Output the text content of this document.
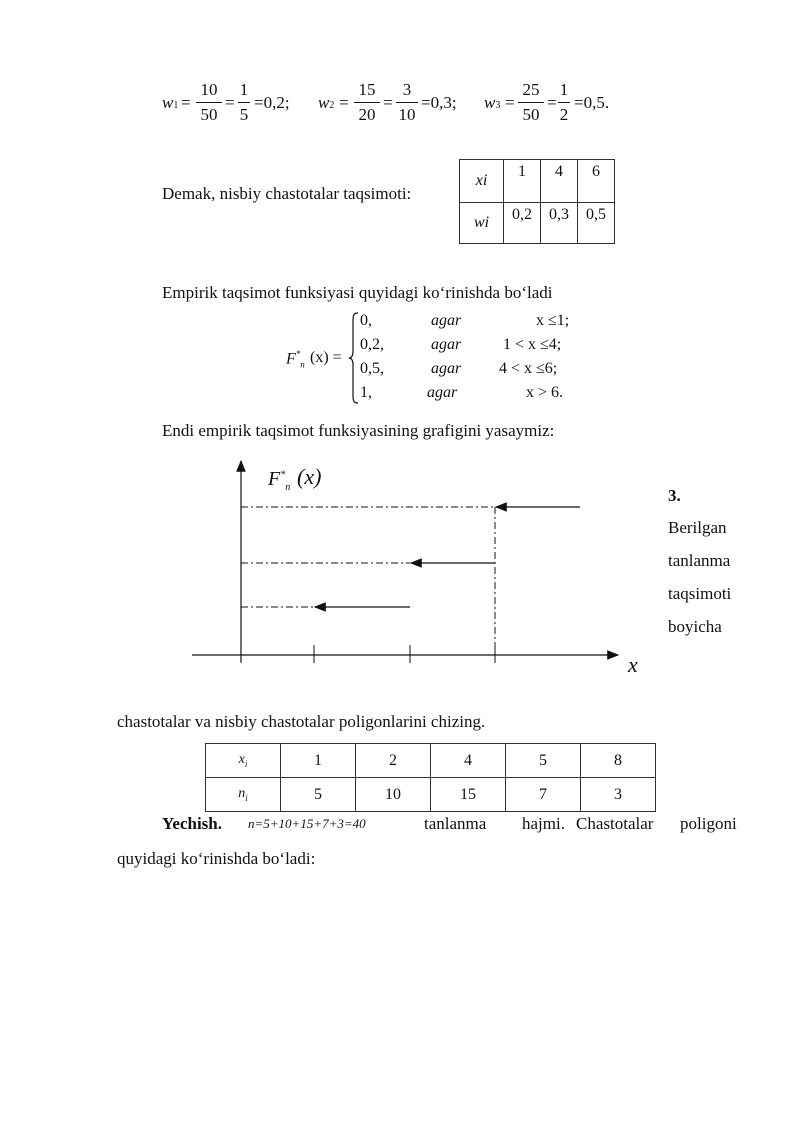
w1 =
10
50
=
1
5
=0,2; w2 =
15
20
=
3
10
=0,3; w3 =
25
50
=
1
2
=0,5.
Demak, nisbiy chastotalar taqsimoti:
xi	1	4	6
wi	0,2	0,3	0,5
Empirik taqsimot funksiyasi quyidagi ko‘rinishda bo‘ladi
$F^*_n$ (x) =
0,	agar	x ≤1;
0,2,	agar	1 < x ≤4;
0,5,	agar 4 < x ≤6;
1,	agar	x > 6.
Endi empirik taqsimot funksiyasining grafigini yasaymiz:
$F^*_n$ (x)
x
3.
Berilgan
tanlanma
taqsimoti
boyicha
chastotalar va nisbiy chastotalar poligonlarini chizing.
$x_i$	1	2	4	5	8
$n_i$	5	10	15	7	3
Yechish. n=5+10+15+7+3=40	tanlanma hajmi. Chastotalar poligoni
quyidagi ko‘rinishda bo‘ladi:
